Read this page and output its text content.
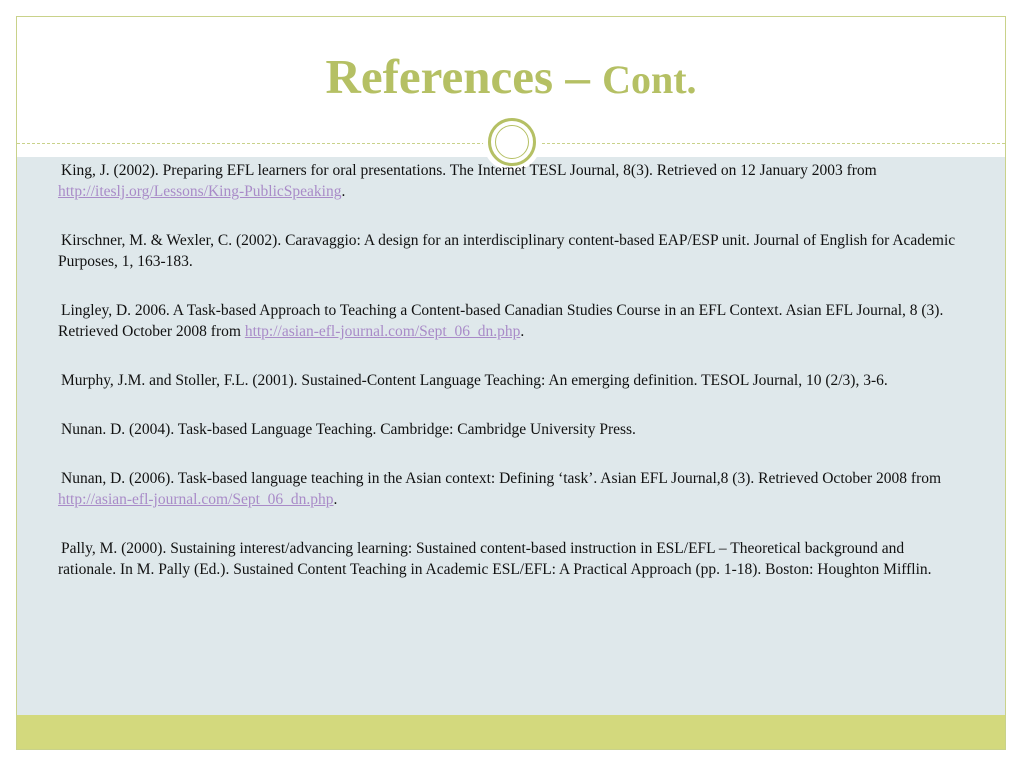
References – Cont.

King, J. (2002). Preparing EFL learners for oral presentations. The Internet TESL Journal, 8(3). Retrieved on 12 January 2003 from http://iteslj.org/Lessons/King-PublicSpeaking.

Kirschner, M. & Wexler, C. (2002). Caravaggio: A design for an interdisciplinary content-based EAP/ESP unit. Journal of English for Academic Purposes, 1, 163-183.

Lingley, D. 2006. A Task-based Approach to Teaching a Content-based Canadian Studies Course in an EFL Context. Asian EFL Journal, 8 (3). Retrieved October 2008 from http://asian-efl-journal.com/Sept_06_dn.php.

Murphy, J.M. and Stoller, F.L. (2001). Sustained-Content Language Teaching: An emerging definition. TESOL Journal, 10 (2/3), 3-6.

Nunan. D. (2004). Task-based Language Teaching. Cambridge: Cambridge University Press.

Nunan, D. (2006). Task-based language teaching in the Asian context: Defining ‘task’. Asian EFL Journal,8 (3). Retrieved October 2008 from http://asian-efl-journal.com/Sept_06_dn.php.

Pally, M. (2000). Sustaining interest/advancing learning: Sustained content-based instruction in ESL/EFL – Theoretical background and rationale. In M. Pally (Ed.). Sustained Content Teaching in Academic ESL/EFL: A Practical Approach (pp. 1-18). Boston: Houghton Mifflin.
